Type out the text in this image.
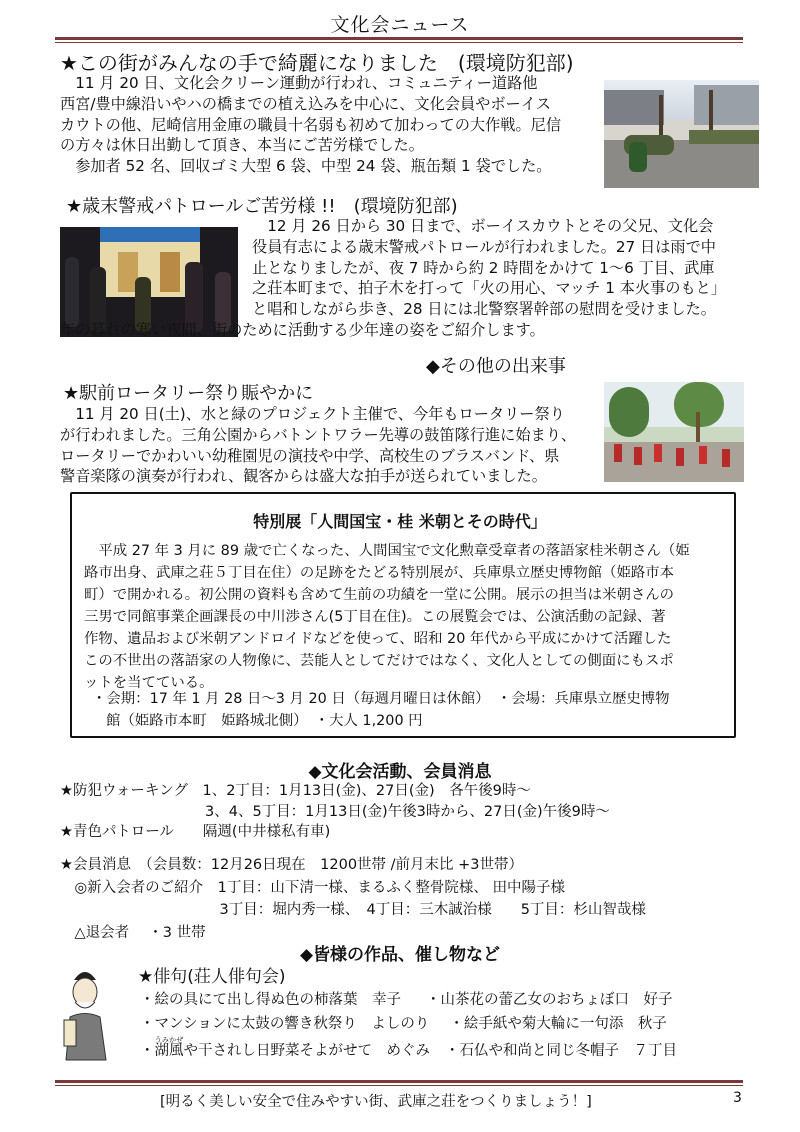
文化会ニュース
★この街がみんなの手で綺麗になりました　(環境防犯部)
　11 月 20 日、文化会クリーン運動が行われ、コミュニティー道路他
西宮/豊中線沿いやハの橋までの植え込みを中心に、文化会員やボーイス
カウトの他、尼崎信用金庫の職員十名弱も初めて加わっての大作戦。尼信
の方々は休日出勤して頂き、本当にご苦労様でした。
　参加者 52 名、回収ゴミ大型 6 袋、中型 24 袋、瓶缶類 1 袋でした。
★歳末警戒パトロールご苦労様 !!　(環境防犯部)
　12 月 26 日から 30 日まで、ボーイスカウトとその父兄、文化会
役員有志による歳末警戒パトロールが行われました。27 日は雨で中
止となりましたが、夜 7 時から約 2 時間をかけて 1～6 丁目、武庫
之荘本町まで、拍子木を打って「火の用心、マッチ 1 本火事のもと」
と唱和しながら歩き、28 日には北警察署幹部の慰問を受けました。
年の暮れの寒い夜間、街のために活動する少年達の姿をご紹介します。
◆その他の出来事
★駅前ロータリー祭り賑やかに
　11 月 20 日(土)、水と緑のプロジェクト主催で、今年もロータリー祭り
が行われました。三角公園からバトントワラー先導の鼓笛隊行進に始まり、
ロータリーでかわいい幼稚園児の演技や中学、高校生のブラスバンド、県
警音楽隊の演奏が行われ、観客からは盛大な拍手が送られていました。
特別展「人間国宝・桂 米朝とその時代」
　平成 27 年 3 月に 89 歳で亡くなった、人間国宝で文化勲章受章者の落語家桂米朝さん（姫
路市出身、武庫之荘５丁目在住）の足跡をたどる特別展が、兵庫県立歴史博物館（姫路市本
町）で開かれる。初公開の資料も含めて生前の功績を一堂に公開。展示の担当は米朝さんの
三男で同館事業企画課長の中川渉さん(5丁目在住)。この展覧会では、公演活動の記録、著
作物、遺品および米朝アンドロイドなどを使って、昭和 20 年代から平成にかけて活躍した
この不世出の落語家の人物像に、芸能人としてだけではなく、文化人としての側面にもスポ
ットを当てている。
・会期：17 年 1 月 28 日～3 月 20 日（毎週月曜日は休館）　・会場：兵庫県立歴史博物
館（姫路市本町　姫路城北側）　・大人 1,200 円
◆文化会活動、会員消息
★防犯ウォーキング　1、2丁目：1月13日(金)、27日(金)　各午後9時～
　　　　　　　　　　3、4、5丁目：1月13日(金)午後3時から、27日(金)午後9時～
★青色パトロール　　隔週(中井様私有車)
★会員消息　（会員数：12月26日現在　1200世帯 /前月末比 +3世帯）
　◎新入会者のご紹介　1丁目：山下清一様、まるふく整骨院様、 田中陽子様
　　　　　　　　　　　3丁目：堀内秀一様、　4丁目：三木誠治様　　5丁目：杉山智哉様
　△退会者　 ・3 世帯
◆皆様の作品、催し物など
★俳句(荘人俳句会)
・絵の具にて出し得ぬ色の柿落葉　幸子 ・山茶花の蕾乙女のおちょぼ口　好子
・マンションに太鼓の響き秋祭り　よしのり ・絵手紙や菊大輪に一句添　秋子
・湖風うみかぜや干されし日野菜そよがせて　めぐみ ・石仏や和尚と同じ冬帽子　７丁目
[明るく美しい安全で住みやすい街、武庫之荘をつくりましょう！]	3
